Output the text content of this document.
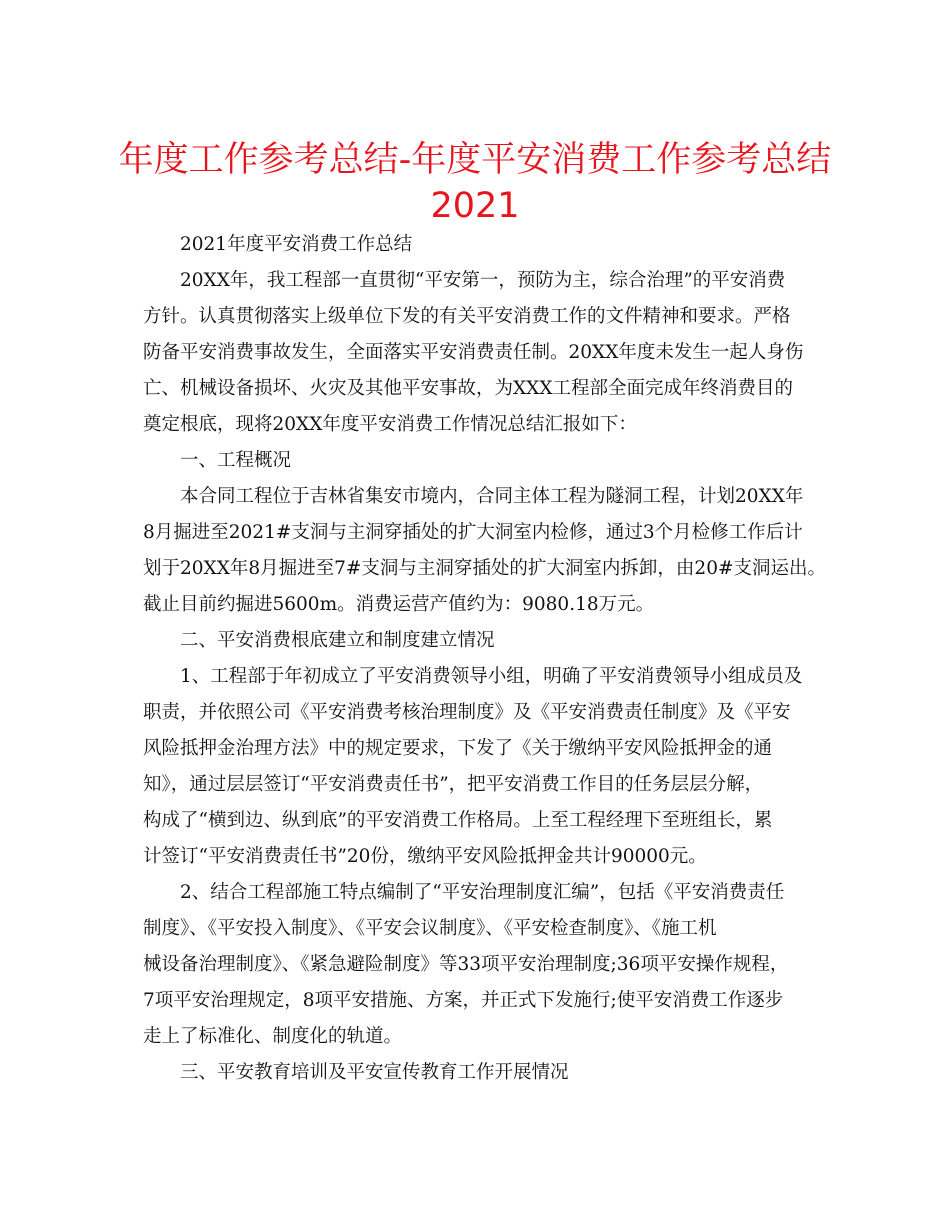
年度工作参考总结-年度平安消费工作参考总结
2021

2021年度平安消费工作总结

20XX年，我工程部一直贯彻“平安第一，预防为主，综合治理”的平安消费

方针。认真贯彻落实上级单位下发的有关平安消费工作的文件精神和要求。严格

防备平安消费事故发生，全面落实平安消费责任制。20XX年度未发生一起人身伤

亡、机械设备损坏、火灾及其他平安事故，为XXX工程部全面完成年终消费目的

奠定根底，现将20XX年度平安消费工作情况总结汇报如下：

一、工程概况

本合同工程位于吉林省集安市境内，合同主体工程为隧洞工程，计划20XX年

8月掘进至2021#支洞与主洞穿插处的扩大洞室内检修，通过3个月检修工作后计

划于20XX年8月掘进至7#支洞与主洞穿插处的扩大洞室内拆卸，由20#支洞运出。

截止目前约掘进5600m。消费运营产值约为：9080.18万元。

二、平安消费根底建立和制度建立情况

1、工程部于年初成立了平安消费领导小组，明确了平安消费领导小组成员及

职责，并依照公司《平安消费考核治理制度》及《平安消费责任制度》及《平安

风险抵押金治理方法》中的规定要求，下发了《关于缴纳平安风险抵押金的通

知》，通过层层签订“平安消费责任书”，把平安消费工作目的任务层层分解，

构成了“横到边、纵到底”的平安消费工作格局。上至工程经理下至班组长，累

计签订“平安消费责任书”20份，缴纳平安风险抵押金共计90000元。

2、结合工程部施工特点编制了“平安治理制度汇编”，包括《平安消费责任

制度》、《平安投入制度》、《平安会议制度》、《平安检查制度》、《施工机

械设备治理制度》、《紧急避险制度》等33项平安治理制度;36项平安操作规程，

7项平安治理规定，8项平安措施、方案，并正式下发施行;使平安消费工作逐步

走上了标准化、制度化的轨道。

三、平安教育培训及平安宣传教育工作开展情况
